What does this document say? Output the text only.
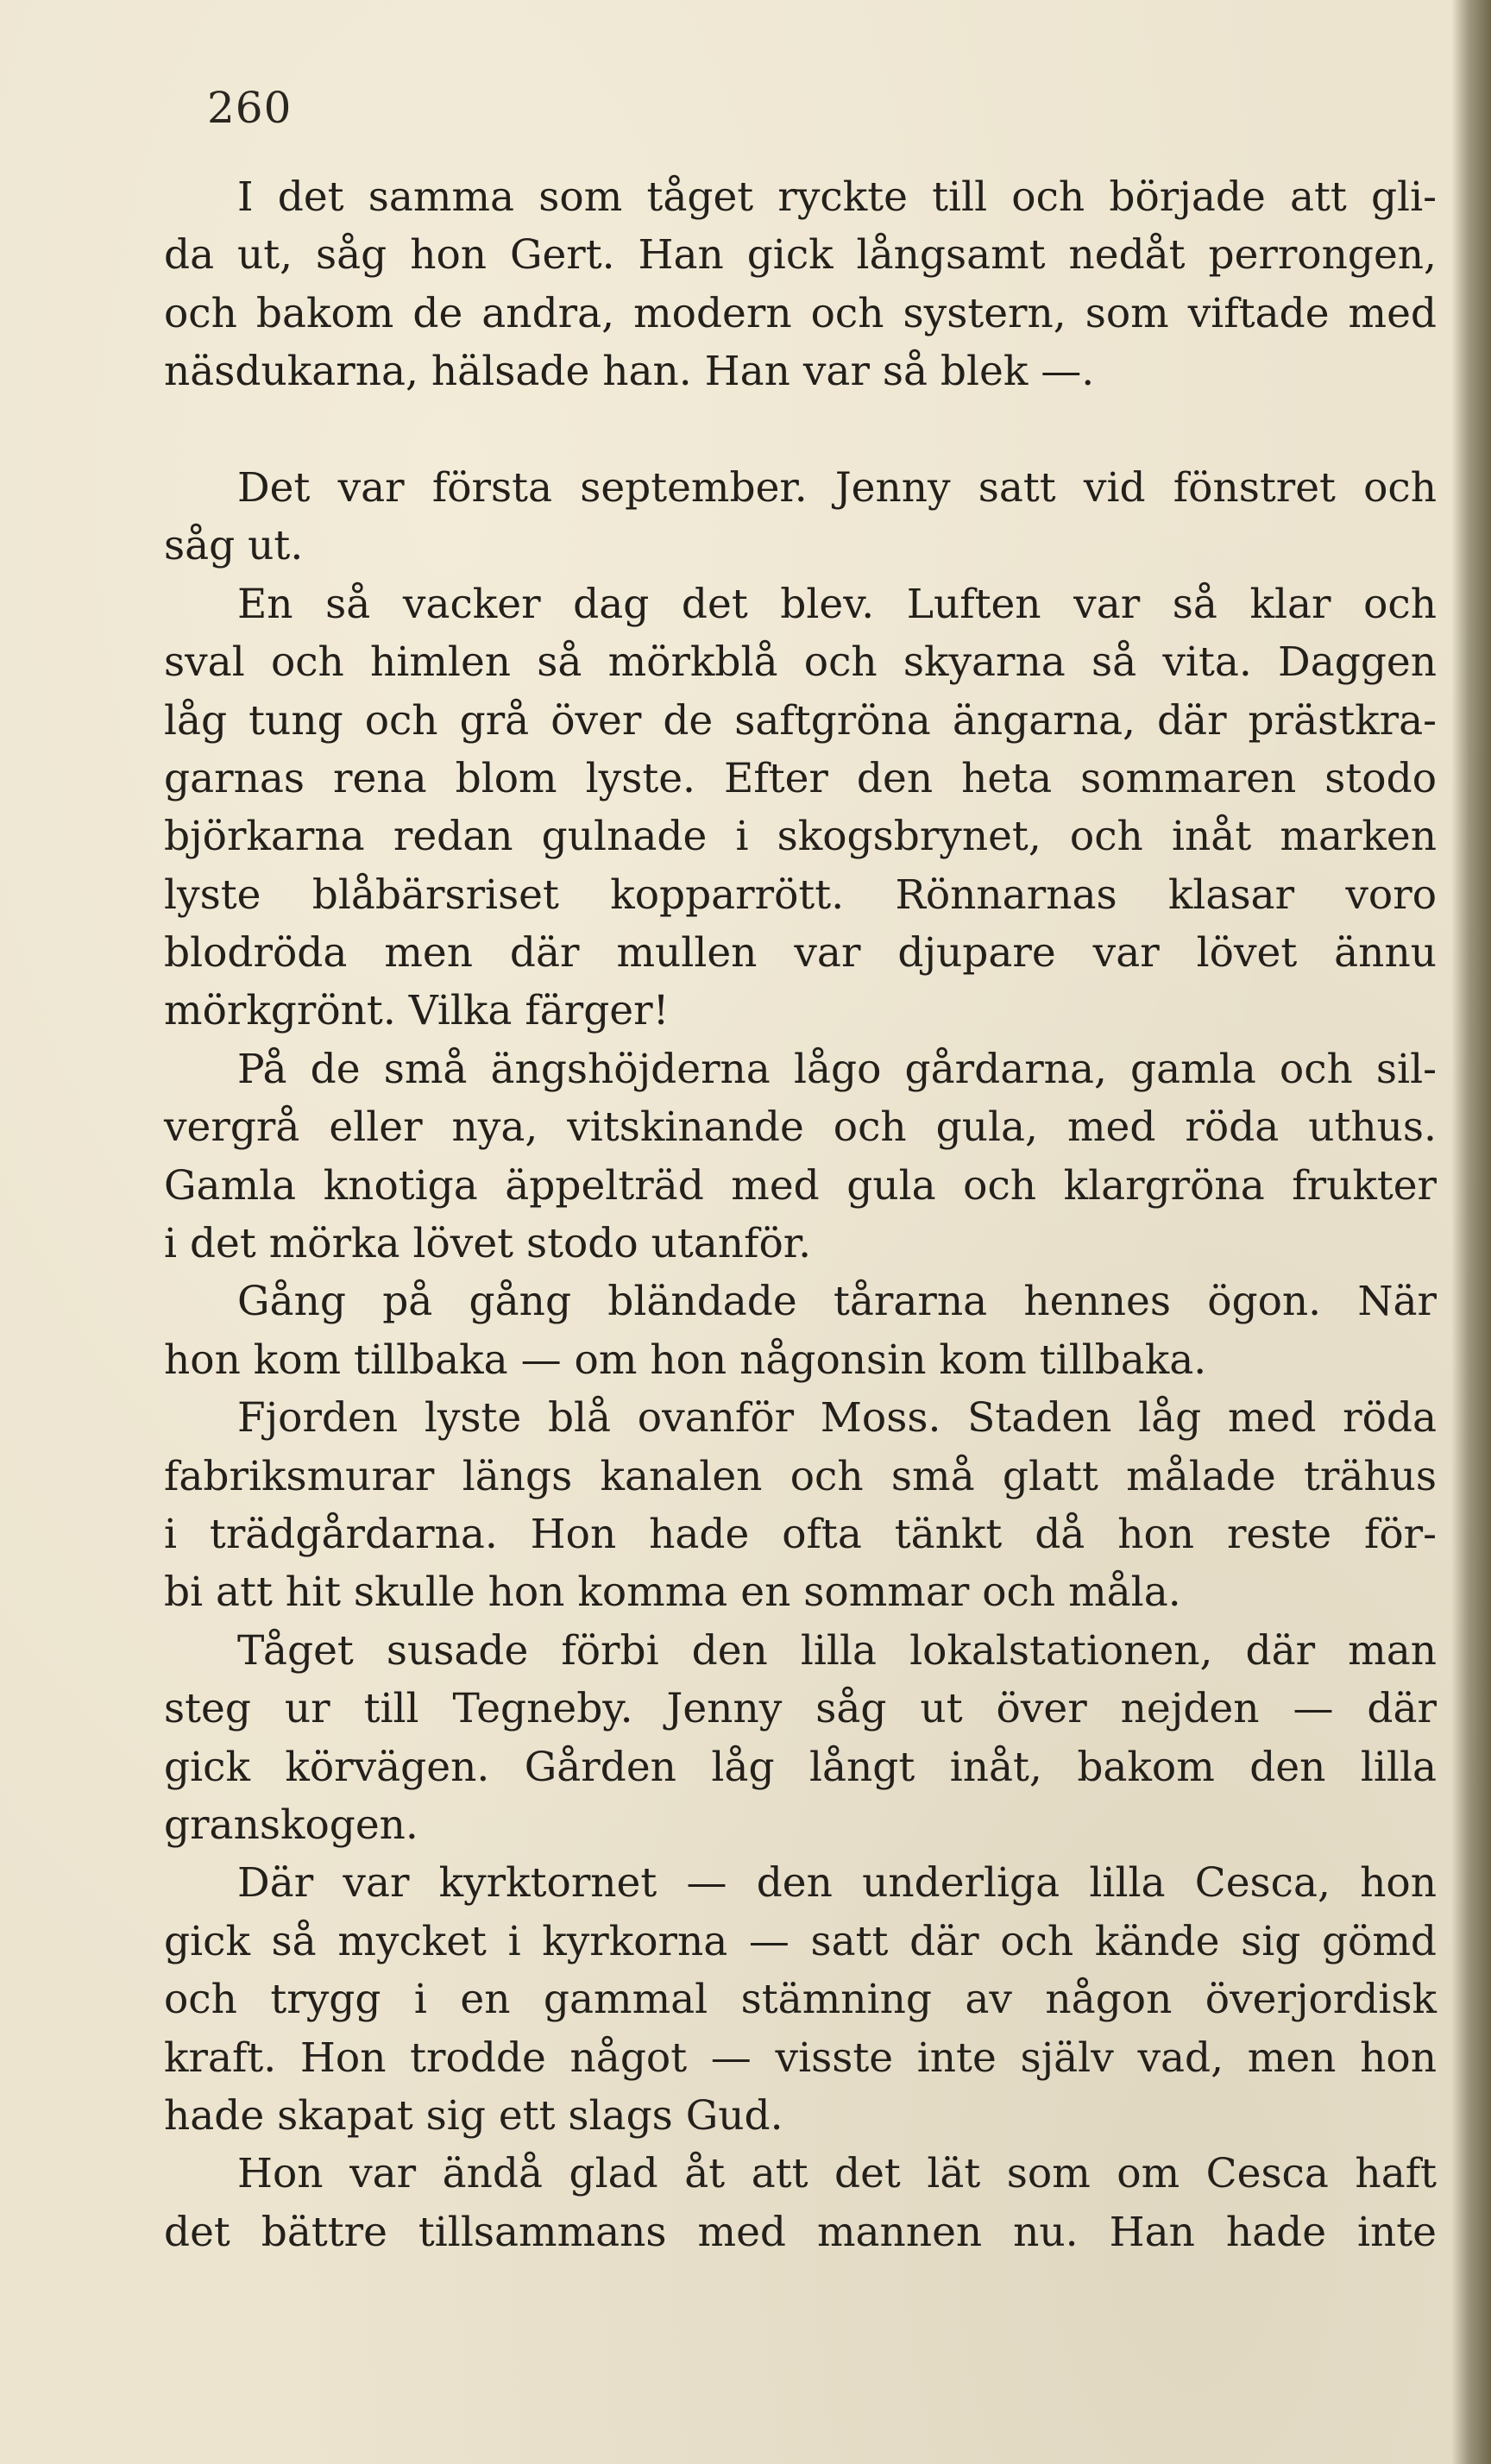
260
I det samma som tåget ryckte till och började att gli-
da ut, såg hon Gert. Han gick långsamt nedåt perrongen,
och bakom de andra, modern och systern, som viftade med
näsdukarna, hälsade han. Han var så blek —.
Det var första september. Jenny satt vid fönstret och
såg ut.
En så vacker dag det blev. Luften var så klar och
sval och himlen så mörkblå och skyarna så vita. Daggen
låg tung och grå över de saftgröna ängarna, där prästkra-
garnas rena blom lyste. Efter den heta sommaren stodo
björkarna redan gulnade i skogsbrynet, och inåt marken
lyste blåbärsriset kopparrött. Rönnarnas klasar voro
blodröda men där mullen var djupare var lövet ännu
mörkgrönt. Vilka färger!
På de små ängshöjderna lågo gårdarna, gamla och sil-
vergrå eller nya, vitskinande och gula, med röda uthus.
Gamla knotiga äppelträd med gula och klargröna frukter
i det mörka lövet stodo utanför.
Gång på gång bländade tårarna hennes ögon. När
hon kom tillbaka — om hon någonsin kom tillbaka.
Fjorden lyste blå ovanför Moss. Staden låg med röda
fabriksmurar längs kanalen och små glatt målade trähus
i trädgårdarna. Hon hade ofta tänkt då hon reste för-
bi att hit skulle hon komma en sommar och måla.
Tåget susade förbi den lilla lokalstationen, där man
steg ur till Tegneby. Jenny såg ut över nejden — där
gick körvägen. Gården låg långt inåt, bakom den lilla
granskogen.
Där var kyrktornet — den underliga lilla Cesca, hon
gick så mycket i kyrkorna — satt där och kände sig gömd
och trygg i en gammal stämning av någon överjordisk
kraft. Hon trodde något — visste inte själv vad, men hon
hade skapat sig ett slags Gud.
Hon var ändå glad åt att det lät som om Cesca haft
det bättre tillsammans med mannen nu. Han hade inte
